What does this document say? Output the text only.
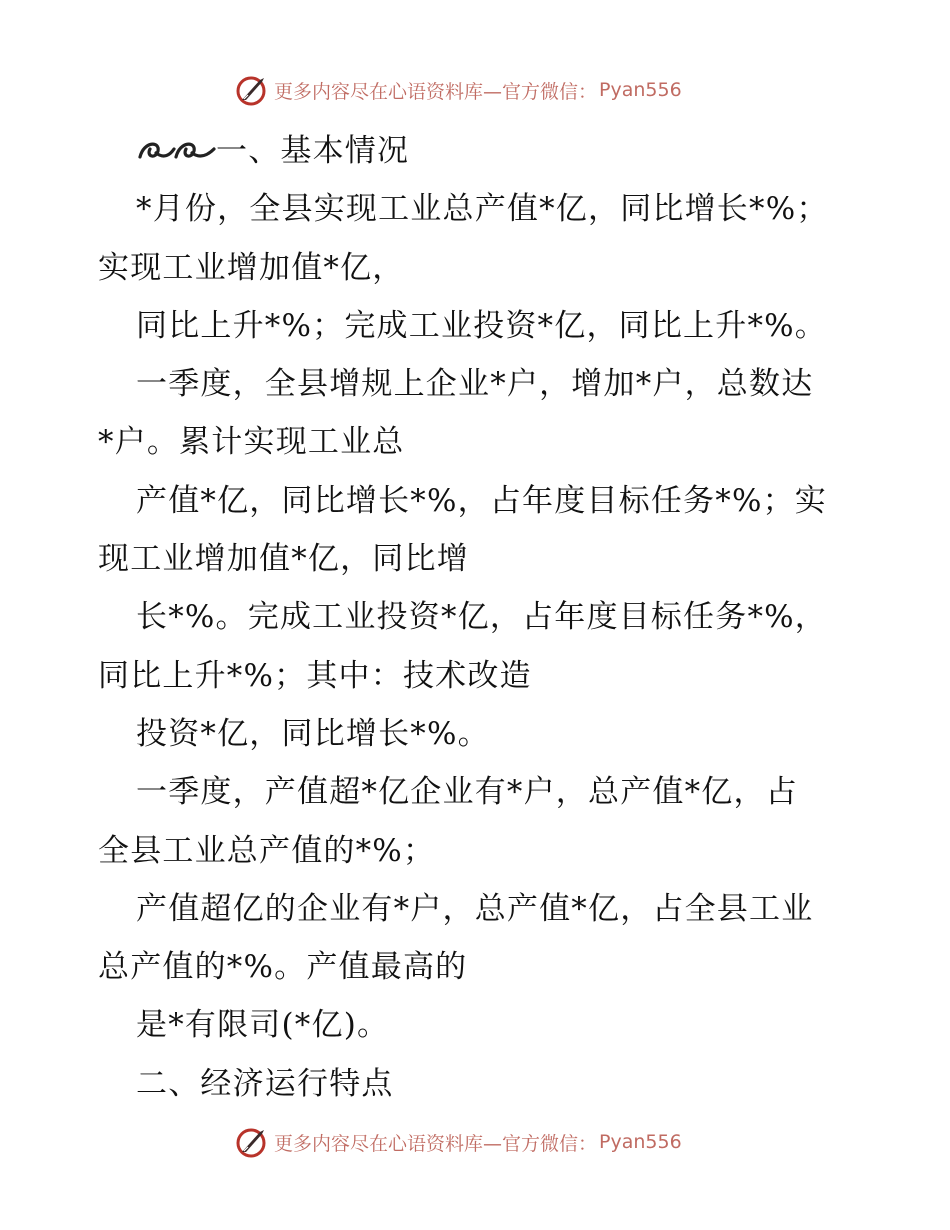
更多内容尽在心语资料库—官方微信： Pyan556

一、基本情况

*月份，全县实现工业总产值*亿，同比增长*%；

实现工业增加值*亿，

同比上升*%；完成工业投资*亿，同比上升*%。

一季度，全县增规上企业*户，增加*户，总数达

*户。累计实现工业总

产值*亿，同比增长*%，占年度目标任务*%；实

现工业增加值*亿，同比增

长*%。完成工业投资*亿，占年度目标任务*%，

同比上升*%；其中：技术改造

投资*亿，同比增长*%。

一季度，产值超*亿企业有*户，总产值*亿，占

全县工业总产值的*%；

产值超亿的企业有*户，总产值*亿，占全县工业

总产值的*%。产值最高的

是*有限司(*亿)。

二、经济运行特点

更多内容尽在心语资料库—官方微信： Pyan556
